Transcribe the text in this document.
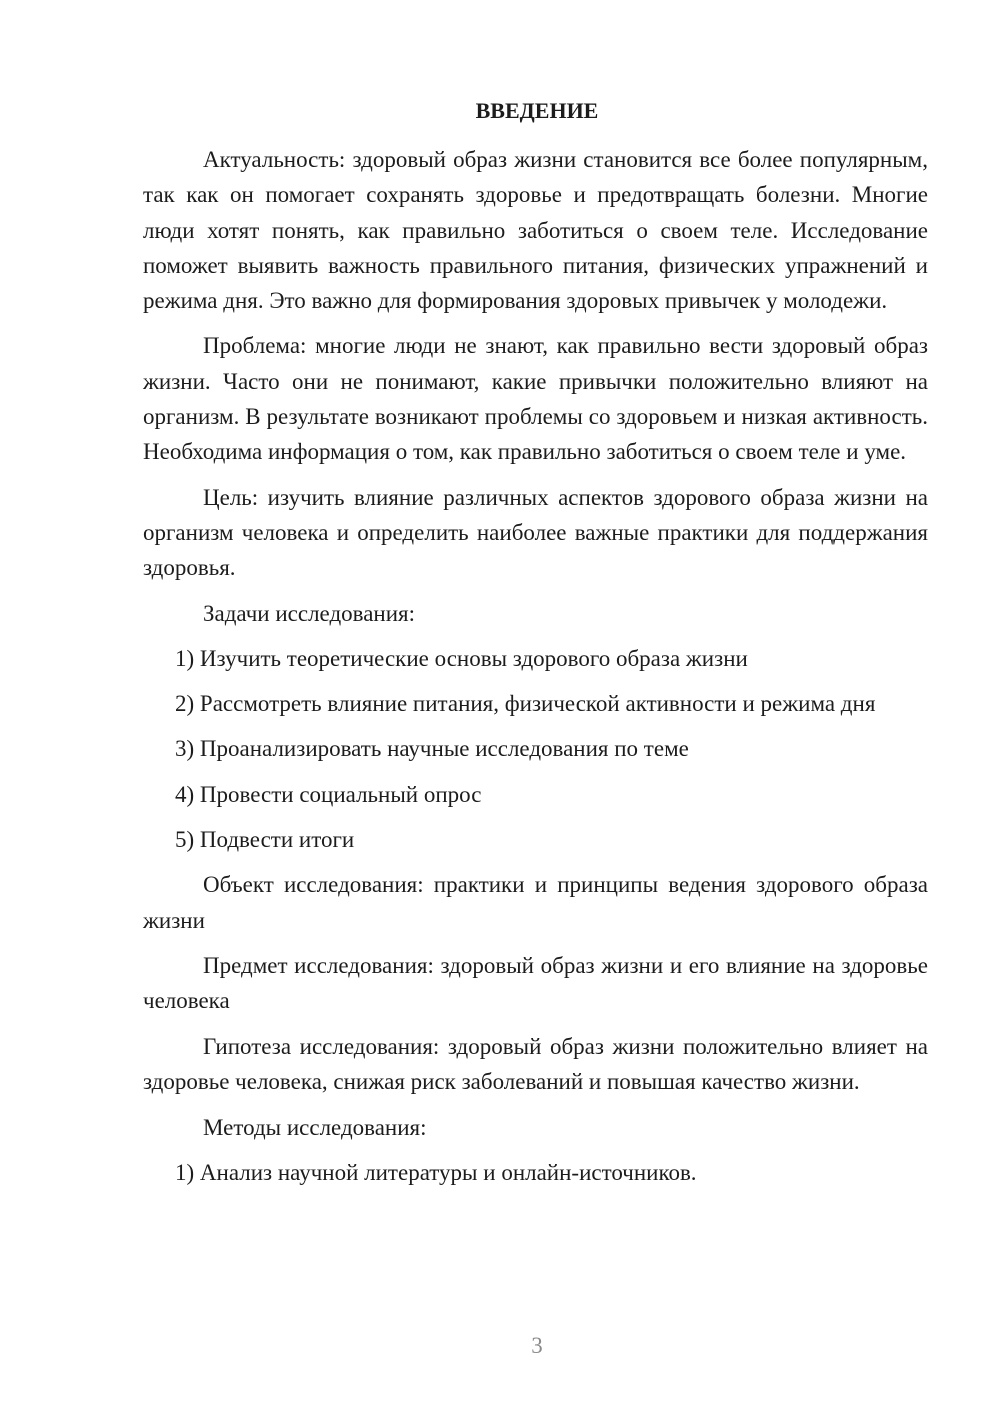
ВВЕДЕНИЕ

Актуальность: здоровый образ жизни становится все более популярным, так как он помогает сохранять здоровье и предотвращать болезни. Многие люди хотят понять, как правильно заботиться о своем теле. Исследование поможет выявить важность правильного питания, физических упражнений и режима дня. Это важно для формирования здоровых привычек у молодежи.

Проблема: многие люди не знают, как правильно вести здоровый образ жизни. Часто они не понимают, какие привычки положительно влияют на организм. В результате возникают проблемы со здоровьем и низкая активность. Необходима информация о том, как правильно заботиться о своем теле и уме.

Цель: изучить влияние различных аспектов здорового образа жизни на организм человека и определить наиболее важные практики для поддержания здоровья.

Задачи исследования:

1) Изучить теоретические основы здорового образа жизни

2) Рассмотреть влияние питания, физической активности и режима дня

3) Проанализировать научные исследования по теме

4) Провести социальный опрос

5) Подвести итоги

Объект исследования: практики и принципы ведения здорового образа жизни

Предмет исследования: здоровый образ жизни и его влияние на здоровье человека

Гипотеза исследования: здоровый образ жизни положительно влияет на здоровье человека, снижая риск заболеваний и повышая качество жизни.

Методы исследования:

1) Анализ научной литературы и онлайн-источников.

3
